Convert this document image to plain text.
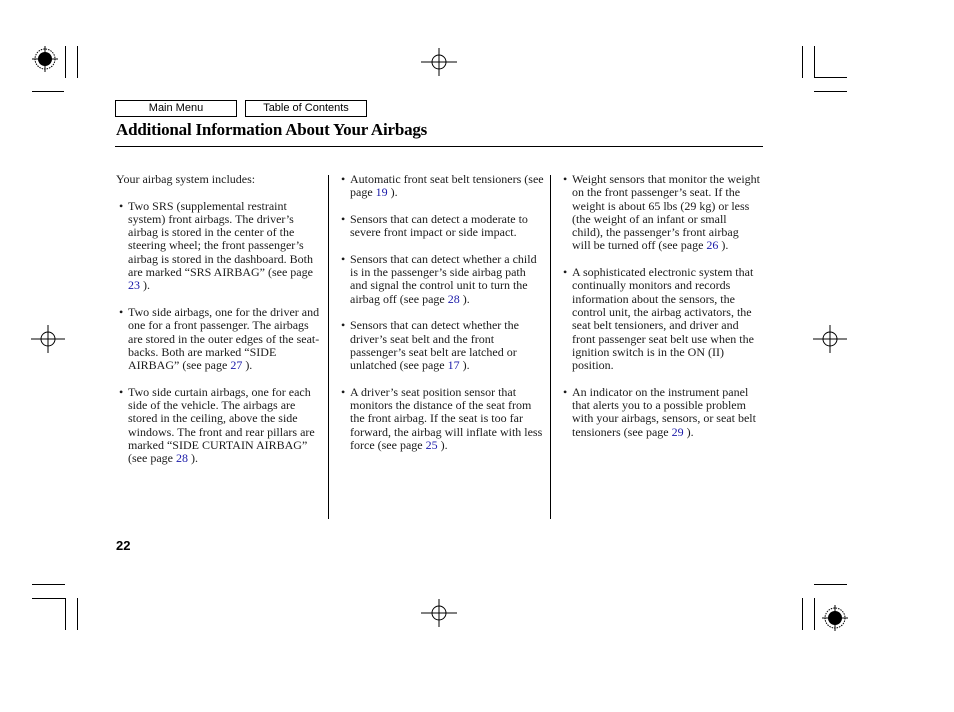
Main Menu	Table of Contents
Additional Information About Your Airbags

Your airbag system includes:

• Two SRS (supplemental restraint system) front airbags. The driver’s airbag is stored in the center of the steering wheel; the front passenger’s airbag is stored in the dashboard. Both are marked “SRS AIRBAG” (see page 23 ).
• Two side airbags, one for the driver and one for a front passenger. The airbags are stored in the outer edges of the seat-backs. Both are marked “SIDE AIRBAG” (see page 27 ).
• Two side curtain airbags, one for each side of the vehicle. The airbags are stored in the ceiling, above the side windows. The front and rear pillars are marked “SIDE CURTAIN AIRBAG” (see page 28 ).
• Automatic front seat belt tensioners (see page 19 ).
• Sensors that can detect a moderate to severe front impact or side impact.
• Sensors that can detect whether a child is in the passenger’s side airbag path and signal the control unit to turn the airbag off (see page 28 ).
• Sensors that can detect whether the driver’s seat belt and the front passenger’s seat belt are latched or unlatched (see page 17 ).
• A driver’s seat position sensor that monitors the distance of the seat from the front airbag. If the seat is too far forward, the airbag will inflate with less force (see page 25 ).
• Weight sensors that monitor the weight on the front passenger’s seat. If the weight is about 65 lbs (29 kg) or less (the weight of an infant or small child), the passenger’s front airbag will be turned off (see page 26 ).
• A sophisticated electronic system that continually monitors and records information about the sensors, the control unit, the airbag activators, the seat belt tensioners, and driver and front passenger seat belt use when the ignition switch is in the ON (II) position.
• An indicator on the instrument panel that alerts you to a possible problem with your airbags, sensors, or seat belt tensioners (see page 29 ).
22
